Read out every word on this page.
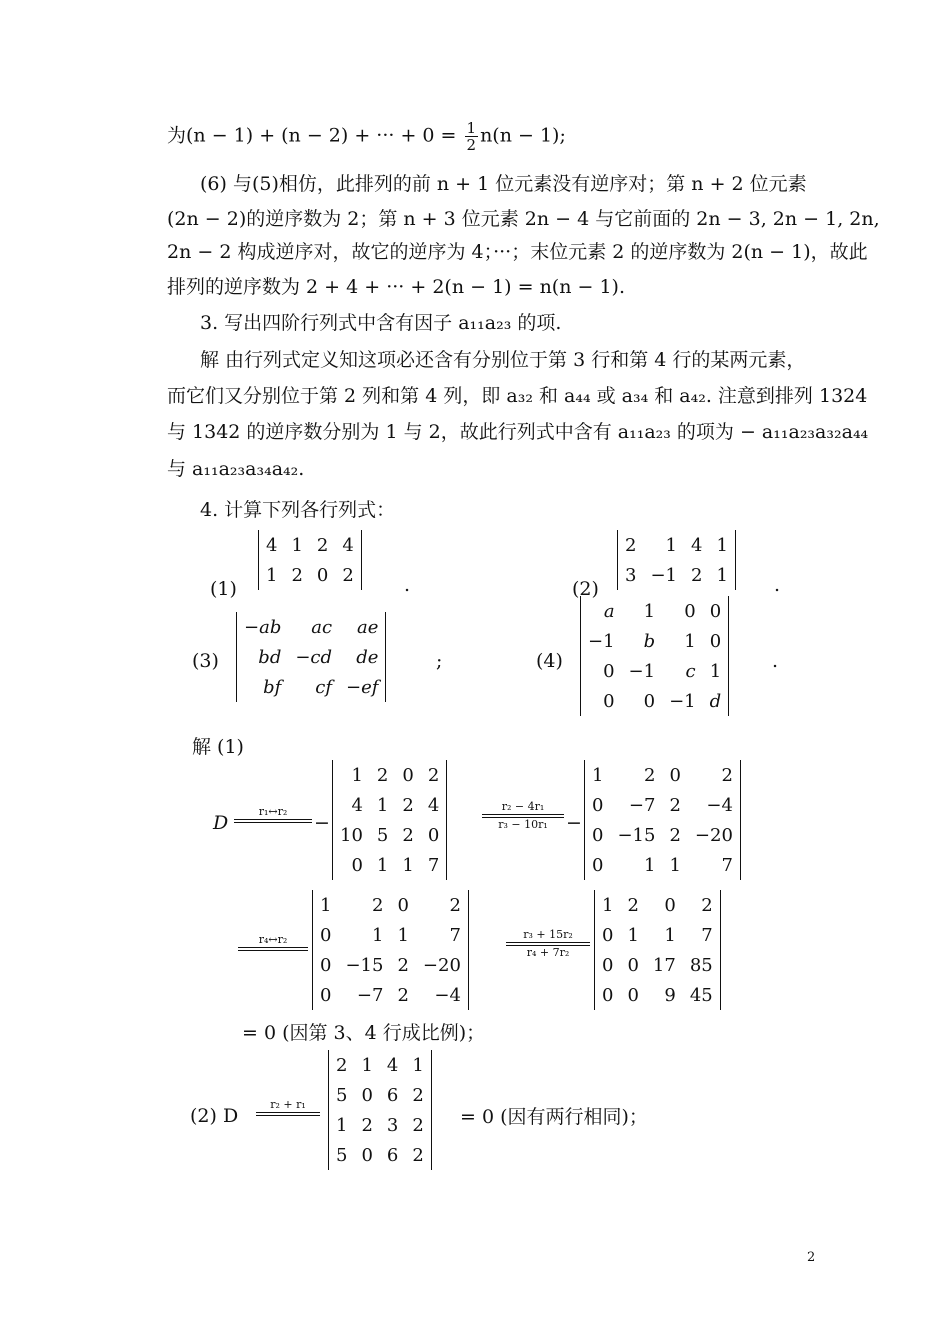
为(n − 1) + (n − 2) + ··· + $0 = \frac{1}{2} n(n - 1)$;
(6) 与(5)相仿，此排列的前 n + 1 位元素没有逆序对；第 n + 2 位元素
(2n − 2)的逆序数为 2；第 n + 3 位元素 2n − 4 与它前面的 2n − 3, 2n − 1, 2n,
2n − 2 构成逆序对，故它的逆序为 4；···；末位元素 2 的逆序数为 2(n − 1)，故此
排列的逆序数为 2 + 4 + ··· + 2(n − 1) = n(n − 1).
3. 写出四阶行列式中含有因子 a₁₁a₂₃ 的项.
解 由行列式定义知这项必还含有分别位于第 3 行和第 4 行的某两元素，
而它们又分别位于第 2 列和第 4 列，即 a₃₂ 和 a₄₄ 或 a₃₄ 和 a₄₂. 注意到排列 1324
与 1342 的逆序数分别为 1 与 2，故此行列式中含有 a₁₁a₂₃ 的项为 − a₁₁a₂₃a₃₂a₄₄
与 a₁₁a₂₃a₃₄a₄₂.
4. 计算下列各行列式：
(1)
4	1	2	4
1	2	0	2	.	(2)
2	1	4	1
3	−1	2	1 .
(3)
−ab	ac	ae
bd	−cd	de
bf	cf	−ef
;	(4)
a	1	0	0
−1	b	1	0
0	−1	c	1
0	0	−1	d
.
解 (1)
D
r₁↔r₂

−
1	2	0	2
4	1	2	4
10	5	2	0
0	1	1	7
r₂ − 4r₁
r₃ − 10r₁ −
1	2	0	2
0	−7	2	−4
0	−15	2	−20
0	1	1	7
r₄↔r₂

1	2	0	2
0	1	1	7
0	−15	2	−20
0	−7	2	−4
r₃ + 15r₂
r₄ + 7r₂
1	2	0	2
0	1	1	7
0	0	17	85
0	0	9	45
= 0 (因第 3、4 行成比例)；
(2) D
r₂ + r₁

2	1	4	1
5	0	6	2
1	2	3	2
5	0	6	2
= 0 (因有两行相同)；
2
